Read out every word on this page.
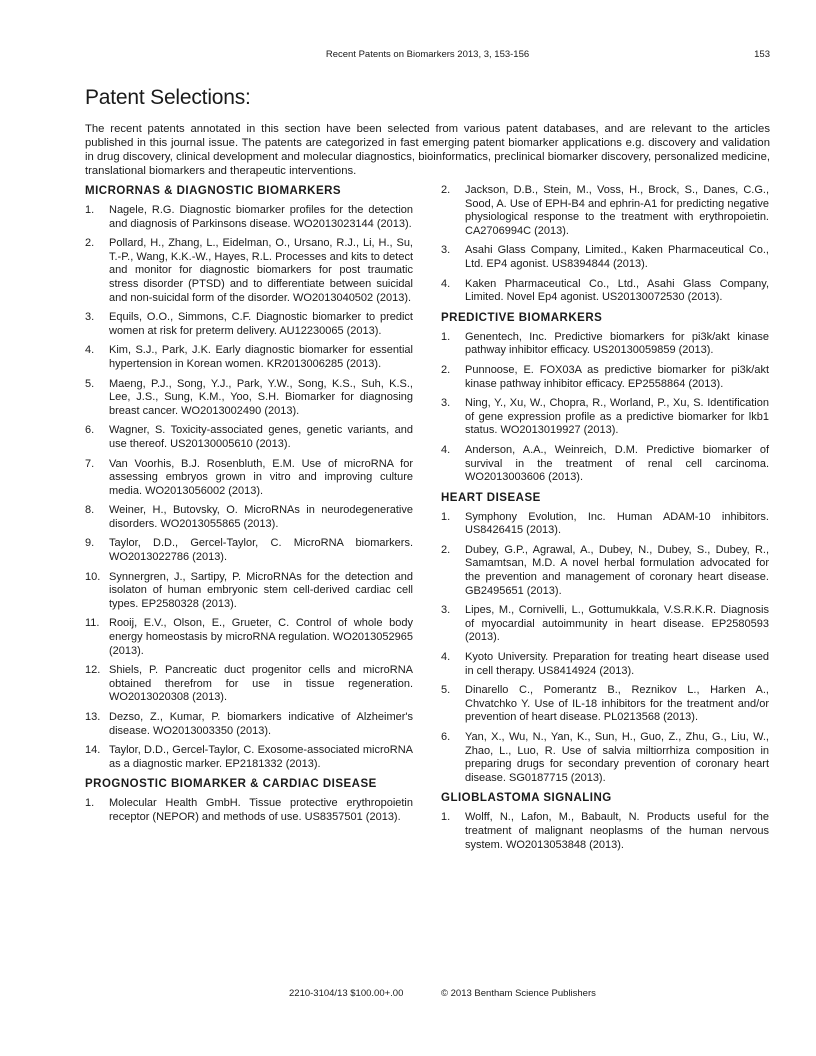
Recent Patents on Biomarkers 2013, 3, 153-156	153
Patent Selections:

The recent patents annotated in this section have been selected from various patent databases, and are relevant to the articles published in this journal issue. The patents are categorized in fast emerging patent biomarker applications e.g. discovery and validation in drug discovery, clinical development and molecular diagnostics, bioinformatics, preclinical biomarker discovery, personalized medicine, translational biomarkers and therapeutic interventions.

MICRORNAS & DIAGNOSTIC BIOMARKERS
1. Nagele, R.G. Diagnostic biomarker profiles for the detection and diagnosis of Parkinsons disease. WO2013023144 (2013).
2. Pollard, H., Zhang, L., Eidelman, O., Ursano, R.J., Li, H., Su, T.-P., Wang, K.K.-W., Hayes, R.L. Processes and kits to detect and monitor for diagnostic biomarkers for post traumatic stress disorder (PTSD) and to differentiate between suicidal and non-suicidal form of the disorder. WO2013040502 (2013).
3. Equils, O.O., Simmons, C.F. Diagnostic biomarker to predict women at risk for preterm delivery. AU12230065 (2013).
4. Kim, S.J., Park, J.K. Early diagnostic biomarker for essential hypertension in Korean women. KR2013006285 (2013).
5. Maeng, P.J., Song, Y.J., Park, Y.W., Song, K.S., Suh, K.S., Lee, J.S., Sung, K.M., Yoo, S.H. Biomarker for diagnosing breast cancer. WO2013002490 (2013).
6. Wagner, S. Toxicity-associated genes, genetic variants, and use thereof. US20130005610 (2013).
7. Van Voorhis, B.J. Rosenbluth, E.M. Use of microRNA for assessing embryos grown in vitro and improving culture media. WO2013056002 (2013).
8. Weiner, H., Butovsky, O. MicroRNAs in neurodegenerative disorders. WO2013055865 (2013).
9. Taylor, D.D., Gercel-Taylor, C. MicroRNA biomarkers. WO2013022786 (2013).
10. Synnergren, J., Sartipy, P. MicroRNAs for the detection and isolaton of human embryonic stem cell-derived cardiac cell types. EP2580328 (2013).
11. Rooij, E.V., Olson, E., Grueter, C. Control of whole body energy homeostasis by microRNA regulation. WO2013052965 (2013).
12. Shiels, P. Pancreatic duct progenitor cells and microRNA obtained therefrom for use in tissue regeneration. WO2013020308 (2013).
13. Dezso, Z., Kumar, P. biomarkers indicative of Alzheimer's disease. WO2013003350 (2013).
14. Taylor, D.D., Gercel-Taylor, C. Exosome-associated microRNA as a diagnostic marker. EP2181332 (2013).
PROGNOSTIC BIOMARKER & CARDIAC DISEASE
1. Molecular Health GmbH. Tissue protective erythropoietin receptor (NEPOR) and methods of use. US8357501 (2013).
2. Jackson, D.B., Stein, M., Voss, H., Brock, S., Danes, C.G., Sood, A. Use of EPH-B4 and ephrin-A1 for predicting negative physiological response to the treatment with erythropoietin. CA2706994C (2013).
3. Asahi Glass Company, Limited., Kaken Pharmaceutical Co., Ltd. EP4 agonist. US8394844 (2013).
4. Kaken Pharmaceutical Co., Ltd., Asahi Glass Company, Limited. Novel Ep4 agonist. US20130072530 (2013).
PREDICTIVE BIOMARKERS
1. Genentech, Inc. Predictive biomarkers for pi3k/akt kinase pathway inhibitor efficacy. US20130059859 (2013).
2. Punnoose, E. FOX03A as predictive biomarker for pi3k/akt kinase pathway inhibitor efficacy. EP2558864 (2013).
3. Ning, Y., Xu, W., Chopra, R., Worland, P., Xu, S. Identification of gene expression profile as a predictive biomarker for lkb1 status. WO2013019927 (2013).
4. Anderson, A.A., Weinreich, D.M. Predictive biomarker of survival in the treatment of renal cell carcinoma. WO2013003606 (2013).
HEART DISEASE
1. Symphony Evolution, Inc. Human ADAM-10 inhibitors. US8426415 (2013).
2. Dubey, G.P., Agrawal, A., Dubey, N., Dubey, S., Dubey, R., Samamtsan, M.D. A novel herbal formulation advocated for the prevention and management of coronary heart disease. GB2495651 (2013).
3. Lipes, M., Cornivelli, L., Gottumukkala, V.S.R.K.R. Diagnosis of myocardial autoimmunity in heart disease. EP2580593 (2013).
4. Kyoto University. Preparation for treating heart disease used in cell therapy. US8414924 (2013).
5. Dinarello C., Pomerantz B., Reznikov L., Harken A., Chvatchko Y. Use of IL-18 inhibitors for the treatment and/or prevention of heart disease. PL0213568 (2013).
6. Yan, X., Wu, N., Yan, K., Sun, H., Guo, Z., Zhu, G., Liu, W., Zhao, L., Luo, R. Use of salvia miltiorrhiza composition in preparing drugs for secondary prevention of coronary heart disease. SG0187715 (2013).
GLIOBLASTOMA SIGNALING
1. Wolff, N., Lafon, M., Babault, N. Products useful for the treatment of malignant neoplasms of the human nervous system. WO2013053848 (2013).
2210-3104/13 $100.00+.00	© 2013 Bentham Science Publishers
